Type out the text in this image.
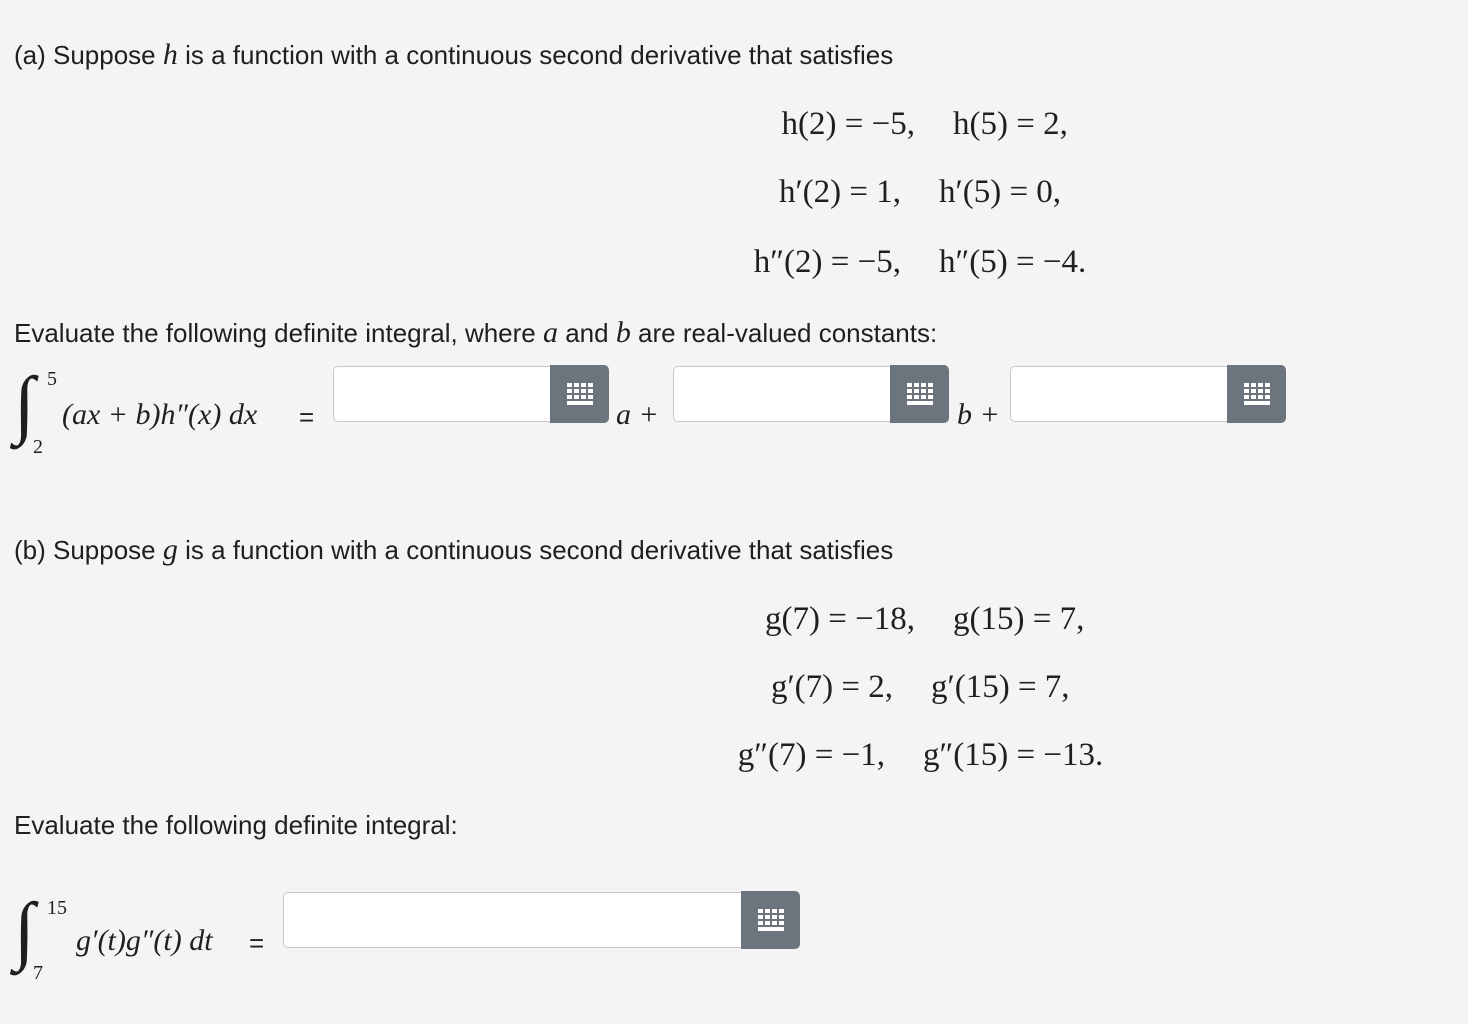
(a) Suppose h is a function with a continuous second derivative that satisfies
h(2) = −5,	h(5) = 2,
h′(2) = 1,	h′(5) = 0,
h″(2) = −5,	h″(5) = −4.
Evaluate the following definite integral, where a and b are real-valued constants:
∫ 5
2
(ax + b)h″(x) dx =	a +	b +
(b) Suppose g is a function with a continuous second derivative that satisfies
g(7) = −18,	g(15) = 7,
g′(7) = 2,	g′(15) = 7,
g″(7) = −1,	g″(15) = −13.
Evaluate the following definite integral:
∫ 15
7
g′(t)g″(t) dt =
